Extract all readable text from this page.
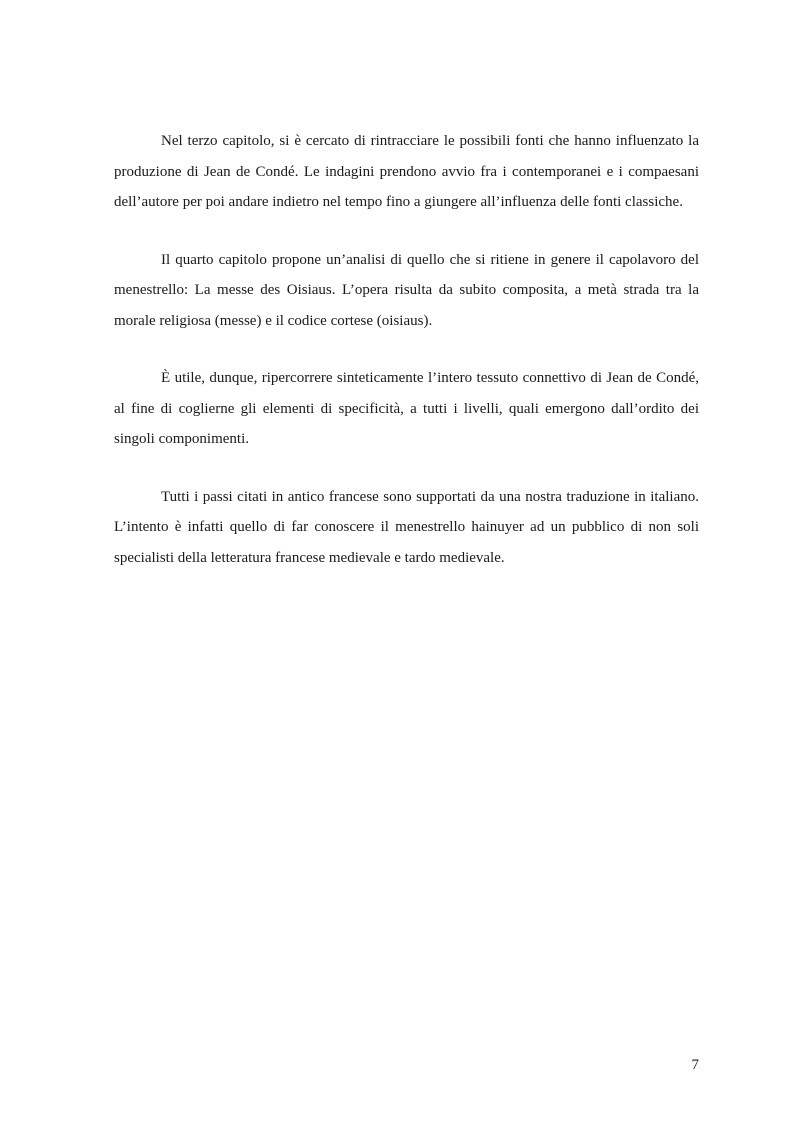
Nel terzo capitolo, si è cercato di rintracciare le possibili fonti che hanno influenzato la produzione di Jean de Condé. Le indagini prendono avvio fra i contemporanei e i compaesani dell’autore per poi andare indietro nel tempo fino a giungere all’influenza delle fonti classiche.

Il quarto capitolo propone un’analisi di quello che si ritiene in genere il capolavoro del menestrello: La messe des Oisiaus. L’opera risulta da subito composita, a metà strada tra la morale religiosa (messe) e il codice cortese (oisiaus).

È utile, dunque, ripercorrere sinteticamente l’intero tessuto connettivo di Jean de Condé, al fine di coglierne gli elementi di specificità, a tutti i livelli, quali emergono dall’ordito dei singoli componimenti.

Tutti i passi citati in antico francese sono supportati da una nostra traduzione in italiano. L’intento è infatti quello di far conoscere il menestrello hainuyer ad un pubblico di non soli specialisti della letteratura francese medievale e tardo medievale.

7
